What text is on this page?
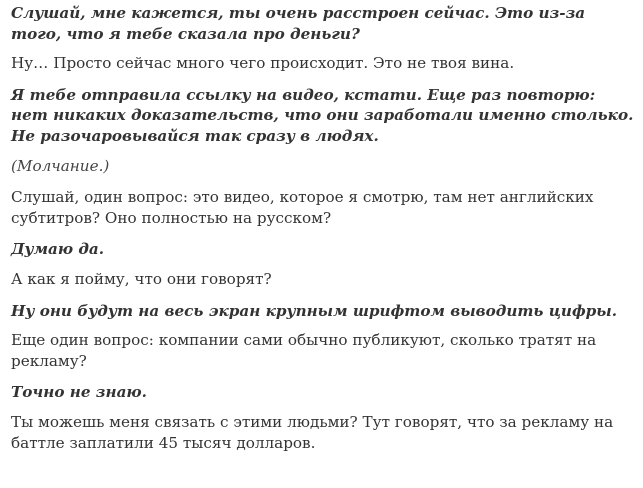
Слушай, мне кажется, ты очень расстроен сейчас. Это из-за того, что я тебе сказала про деньги?

Ну… Просто сейчас много чего происходит. Это не твоя вина.

Я тебе отправила ссылку на видео, кстати. Еще раз повторю: нет никаких доказательств, что они заработали именно столько. Не разочаровывайся так сразу в людях.

(Молчание.)

Слушай, один вопрос: это видео, которое я смотрю, там нет английских субтитров? Оно полностью на русском?

Думаю да.

А как я пойму, что они говорят?

Ну они будут на весь экран крупным шрифтом выводить цифры.

Еще один вопрос: компании сами обычно публикуют, сколько тратят на рекламу?

Точно не знаю.

Ты можешь меня связать с этими людьми? Тут говорят, что за рекламу на баттле заплатили 45 тысяч долларов.
